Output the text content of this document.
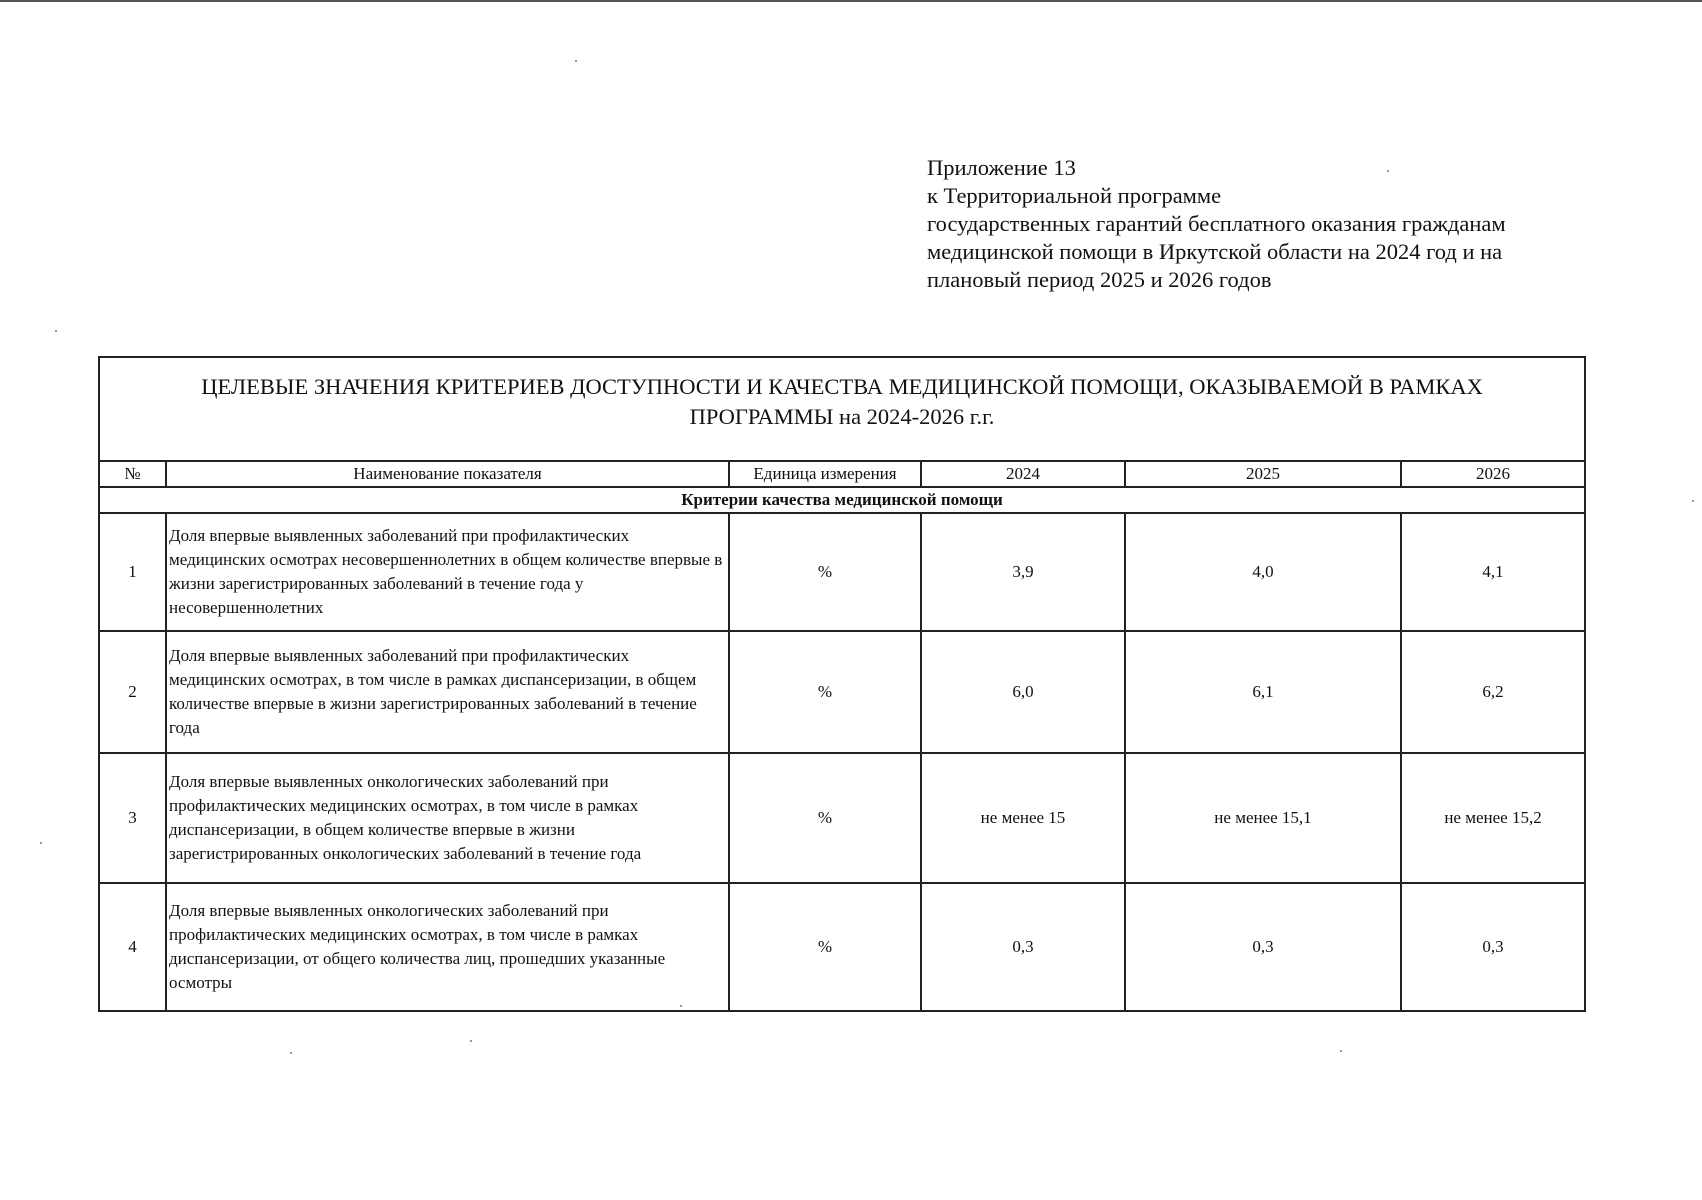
Приложение 13
к Территориальной программе
государственных гарантий бесплатного оказания гражданам
медицинской помощи в Иркутской области на 2024 год и на
плановый период 2025 и 2026 годов
ЦЕЛЕВЫЕ ЗНАЧЕНИЯ КРИТЕРИЕВ ДОСТУПНОСТИ И КАЧЕСТВА МЕДИЦИНСКОЙ ПОМОЩИ, ОКАЗЫВАЕМОЙ В РАМКАХ
ПРОГРАММЫ на 2024-2026 г.г.					

№	Наименование показателя	Единица измерения	2024	2025	2026
Критерии качества медицинской помощи					
1	Доля впервые выявленных заболеваний при профилактических медицинских осмотрах несовершеннолетних в общем количестве впервые в жизни зарегистрированных заболеваний в течение года у несовершеннолетних	%	3,9	4,0	4,1
2	Доля впервые выявленных заболеваний при профилактических медицинских осмотрах, в том числе в рамках диспансеризации, в общем количестве впервые в жизни зарегистрированных заболеваний в течение года	%	6,0	6,1	6,2
3	Доля впервые выявленных онкологических заболеваний при профилактических медицинских осмотрах, в том числе в рамках диспансеризации, в общем количестве впервые в жизни зарегистрированных онкологических заболеваний в течение года	%	не менее 15	не менее 15,1	не менее 15,2
4	Доля впервые выявленных онкологических заболеваний при профилактических медицинских осмотрах, в том числе в рамках диспансеризации, от общего количества лиц, прошедших указанные осмотры	%	0,3	0,3	0,3
